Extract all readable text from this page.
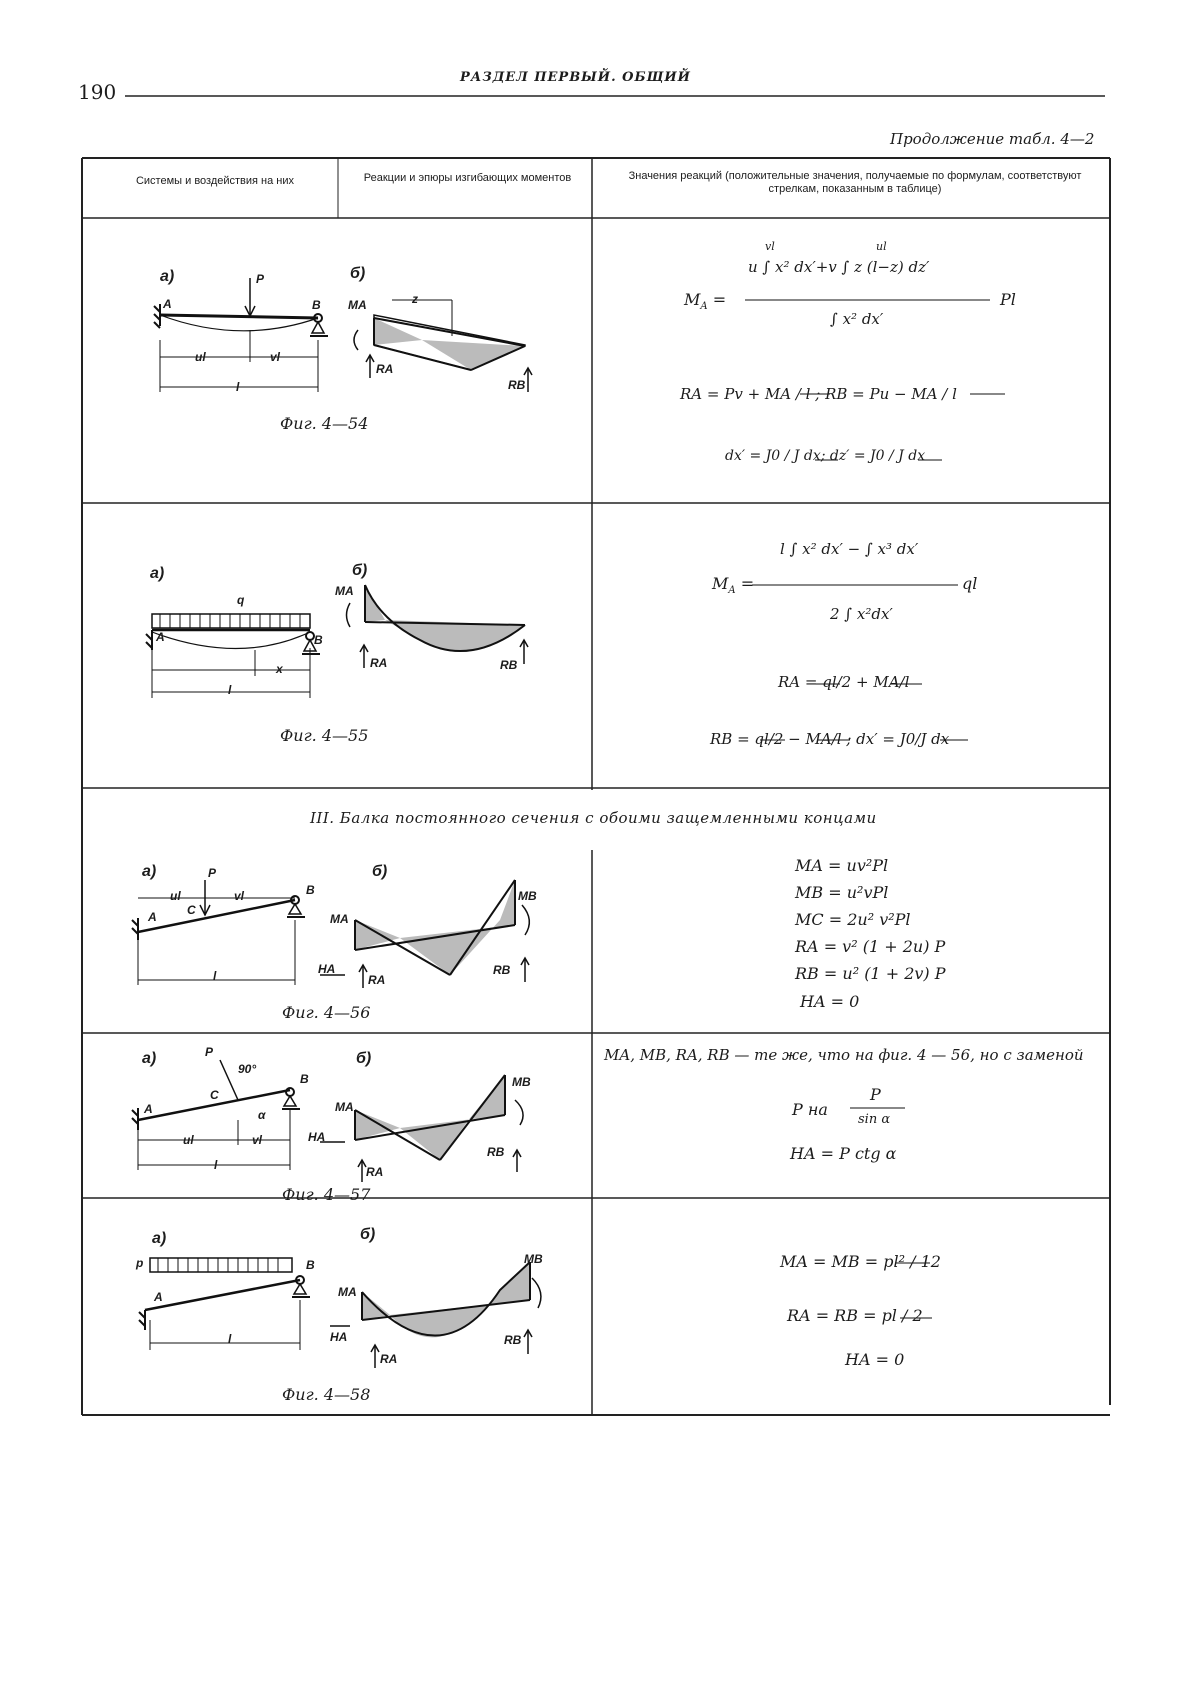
190
РАЗДЕЛ ПЕРВЫЙ. ОБЩИЙ
Продолжение табл. 4—2
Системы и воздействия на них	Реакции и эпюры изгибающих моментов	Значения реакций (положительные значения, получаемые по формулам, соответствуют стрелкам, показанным в таблице)
а)	б)
A	B
P
ul	vl
l
z
MA
RA
RB
Фиг. 4—54
vl	ul
u ∫ x² dx′+v ∫ z (l−z) dz′
$M_A$ =	Pl
∫ x² dx′
RA = Pv + MA / l ; RB = Pu − MA / l
dx′ = J0 / J dx; dz′ = J0 / J dx
а)	б)
q
A	B
x
l
MA
RA	RB
Фиг. 4—55
l ∫ x² dx′ − ∫ x³ dx′
$M_A$ =	ql
2 ∫ x²dx′
RA = ql/2 + MA/l
RB = ql/2 − MA/l ; dx′ = J0/J dx
III. Балка постоянного сечения с обоими защемленными концами
а)	б)
P
B
A	C
ul	vl
l
MA
MB
HA
RA
RB
Фиг. 4—56
MA = uv²Pl
MB = u²vPl
MC = 2u² v²Pl
RA = v² (1 + 2u) P
RB = u² (1 + 2v) P
HA = 0
а)	б)
P
90°
B
A
C
α
ul	vl
l
MA
MB
HA
RA
RB
Фиг. 4—57
MA, MB, RA, RB — те же, что на фиг. 4 — 56, но с заменой
P на
P
sin α
HA = P ctg α
а)	б)
p	B
A
l
MA
MB
HA
RA
RB
Фиг. 4—58
MA = MB = pl² / 12
RA = RB = pl / 2
HA = 0
